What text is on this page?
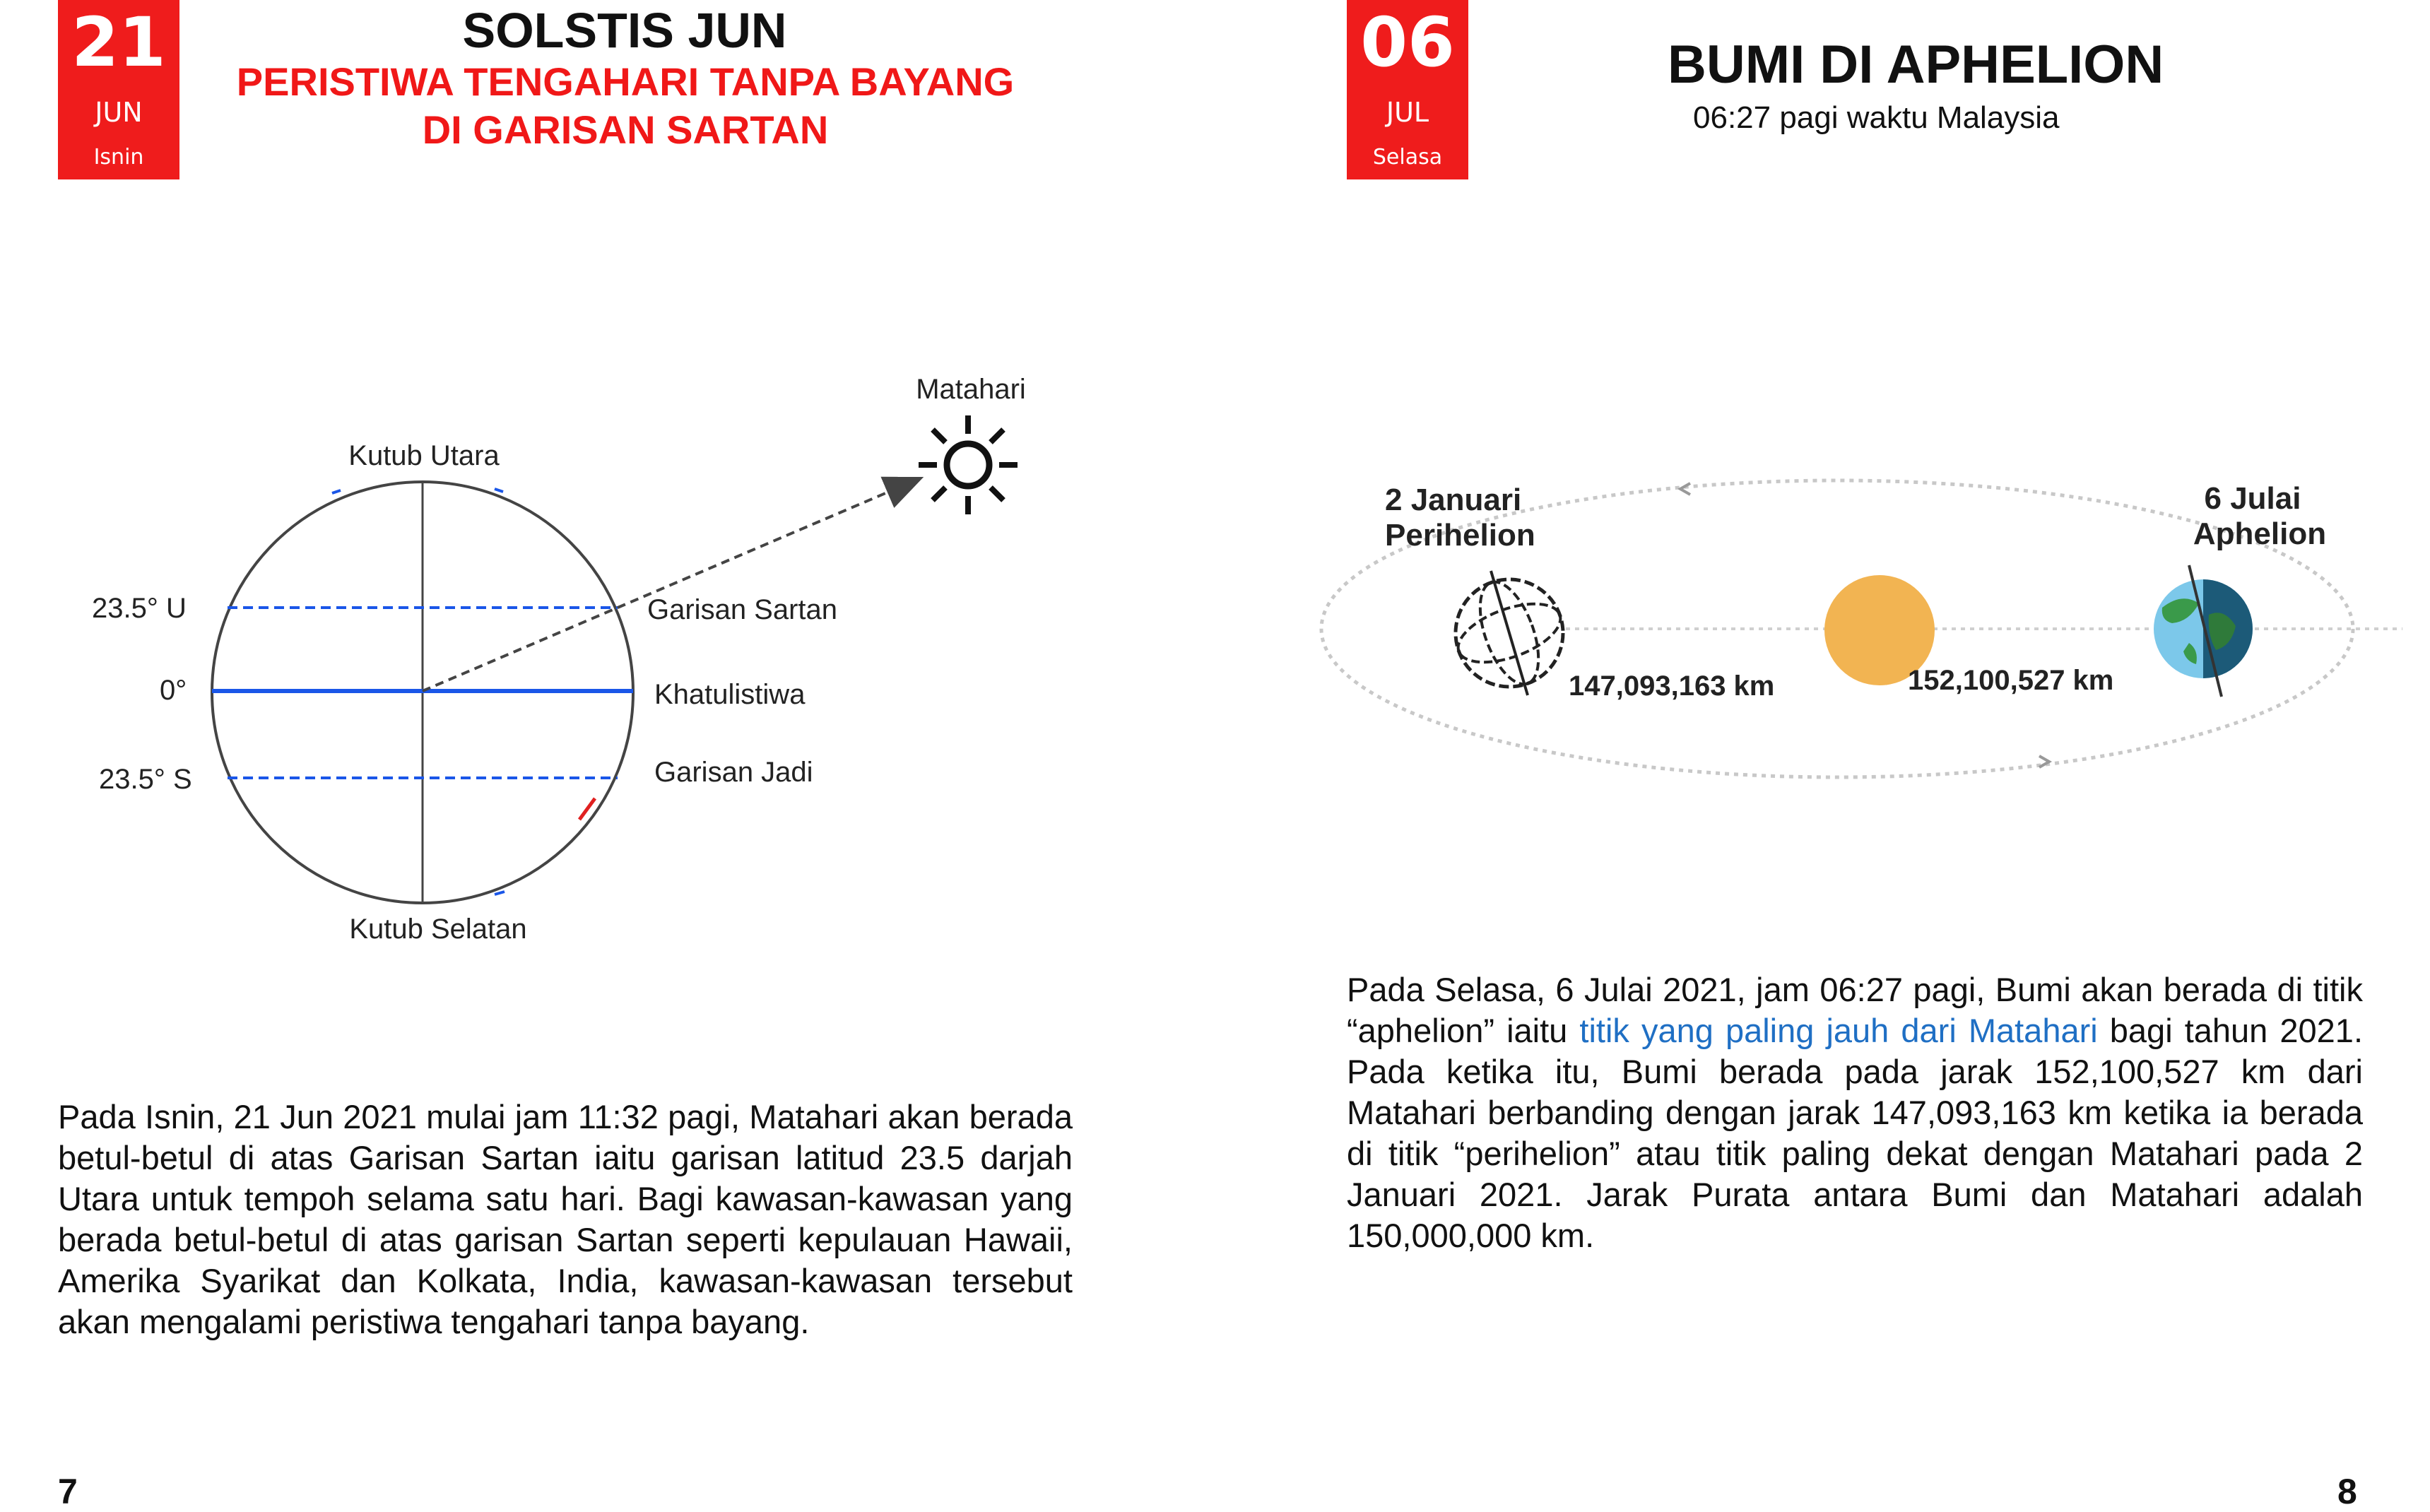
21
JUN
Isnin
SOLSTIS JUN
PERISTIWA TENGAHARI TANPA BAYANG
DI GARISAN SARTAN
Matahari
Kutub Utara
Kutub Selatan
23.5° U
0°
23.5° S
Garisan Sartan
Khatulistiwa
Garisan Jadi
Pada Isnin, 21 Jun 2021 mulai jam 11:32 pagi, Matahari akan berada betul-betul di atas Garisan Sartan iaitu garisan latitud 23.5 darjah Utara untuk tempoh selama satu hari. Bagi kawasan-kawasan yang berada betul-betul di atas garisan Sartan seperti kepulauan Hawaii, Amerika Syarikat dan Kolkata, India, kawasan-kawasan tersebut akan mengalami peristiwa tengahari tanpa bayang.
7
06
JUL
Selasa
BUMI DI APHELION
06:27 pagi waktu Malaysia
2 Januari
Perihelion
6 Julai
Aphelion
147,093,163 km	152,100,527 km
Pada Selasa, 6 Julai 2021, jam 06:27 pagi, Bumi akan berada di titik “aphelion” iaitu titik yang paling jauh dari Matahari bagi tahun 2021. Pada ketika itu, Bumi berada pada jarak 152,100,527 km dari Matahari berbanding dengan jarak 147,093,163 km ketika ia berada di titik “perihelion” atau titik paling dekat dengan Matahari pada 2 Januari 2021. Jarak Purata antara Bumi dan Matahari adalah 150,000,000 km.
8
